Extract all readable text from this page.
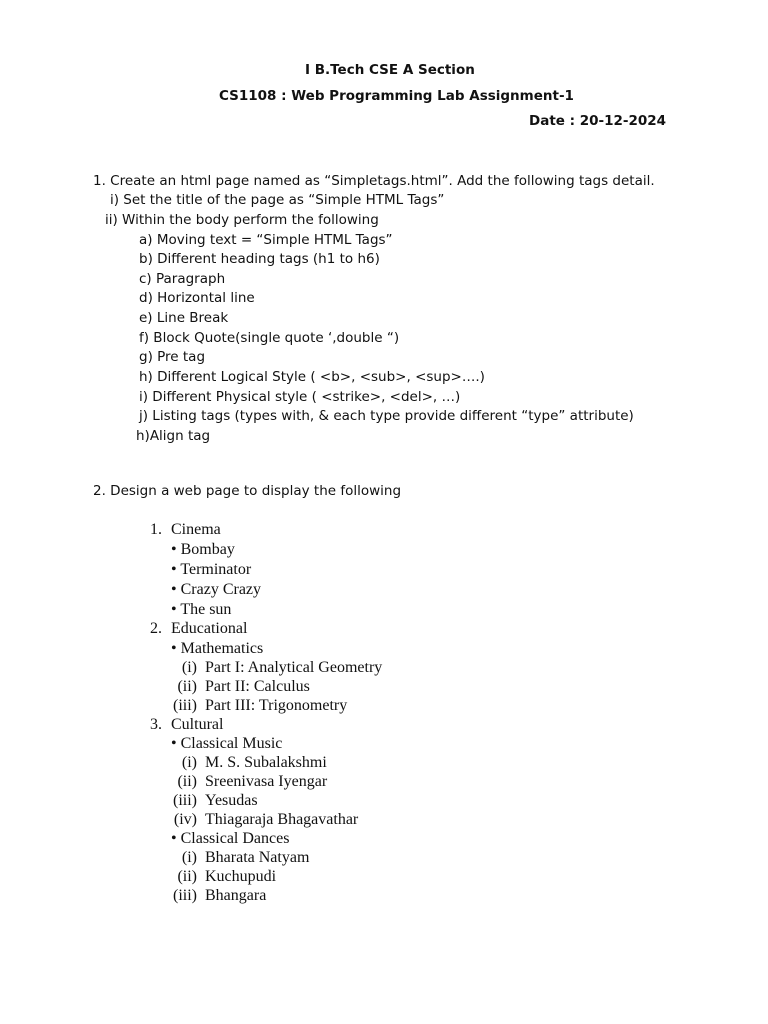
I B.Tech CSE A Section
CS1108 : Web Programming Lab Assignment-1
Date : 20-12-2024
1. Create an html page named as “Simpletags.html”. Add the following tags detail.
i) Set the title of the page as “Simple HTML Tags”
ii) Within the body perform the following
a) Moving text = “Simple HTML Tags”
b) Different heading tags (h1 to h6)
c) Paragraph
d) Horizontal line
e) Line Break
f) Block Quote(single quote ‘,double “)
g) Pre tag
h) Different Logical Style ( <b>, <sub>, <sup>….)
i) Different Physical style ( <strike>, <del>, …)
j) Listing tags (types with, & each type provide different “type” attribute)
h)Align tag
2. Design a web page to display the following
1. Cinema
• Bombay
• Terminator
• Crazy Crazy
• The sun
2. Educational
• Mathematics
(i) Part I: Analytical Geometry
(ii) Part II: Calculus
(iii) Part III: Trigonometry
3. Cultural
• Classical Music
(i) M. S. Subalakshmi
(ii) Sreenivasa Iyengar
(iii) Yesudas
(iv) Thiagaraja Bhagavathar
• Classical Dances
(i) Bharata Natyam
(ii) Kuchupudi
(iii) Bhangara
